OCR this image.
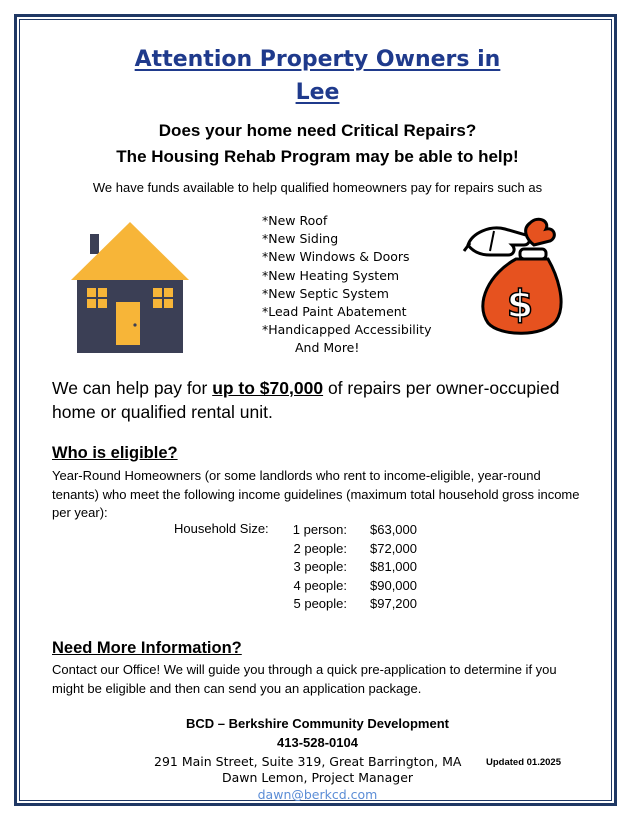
Attention Property Owners in
Lee
Does your home need Critical Repairs?
The Housing Rehab Program may be able to help!
We have funds available to help qualified homeowners pay for repairs such as
*New Roof
*New Siding
*New Windows & Doors
*New Heating System
*New Septic System
*Lead Paint Abatement
*Handicapped Accessibility
And More!
$
We can help pay for up to $70,000 of repairs per owner-occupied home or qualified rental unit.
Who is eligible?
Year-Round Homeowners (or some landlords who rent to income-eligible, year-round tenants) who meet the following income guidelines (maximum total household gross income per year):
Household Size:	1 person:	$63,000
2 people:	$72,000
3 people:	$81,000
4 people:	$90,000
5 people:	$97,200
Need More Information?
Contact our Office! We will guide you through a quick pre-application to determine if you might be eligible and then can send you an application package.
BCD – Berkshire Community Development
413-528-0104
291 Main Street, Suite 319, Great Barrington, MA	Updated 01.2025
Dawn Lemon, Project Manager
dawn@berkcd.com
